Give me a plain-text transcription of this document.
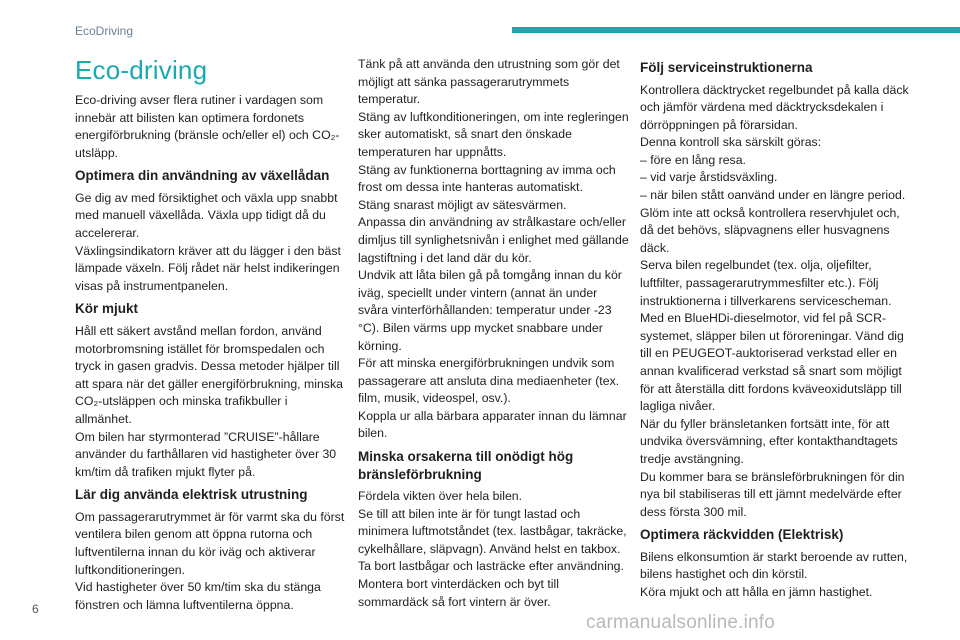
EcoDriving
Eco-driving

Eco-driving avser flera rutiner i vardagen som innebär att bilisten kan optimera fordonets energiförbrukning (bränsle och/eller el) och CO₂-utsläpp.

Optimera din användning av växellådan

Ge dig av med försiktighet och växla upp snabbt med manuell växellåda. Växla upp tidigt då du accelererar.

Växlingsindikatorn kräver att du lägger i den bäst lämpade växeln. Följ rådet när helst indikeringen visas på instrumentpanelen.

Kör mjukt

Håll ett säkert avstånd mellan fordon, använd motorbromsning istället för bromspedalen och tryck in gasen gradvis. Dessa metoder hjälper till att spara när det gäller energiförbrukning, minska CO₂-utsläppen och minska trafikbuller i allmänhet.

Om bilen har styrmonterad ”CRUISE”-hållare använder du farthållaren vid hastigheter över 30 km/tim då trafiken mjukt flyter på.

Lär dig använda elektrisk utrustning

Om passagerarutrymmet är för varmt ska du först ventilera bilen genom att öppna rutorna och luftventilerna innan du kör iväg och aktiverar luftkonditioneringen.

Vid hastigheter över 50 km/tim ska du stänga fönstren och lämna luftventilerna öppna.

Tänk på att använda den utrustning som gör det möjligt att sänka passagerarutrymmets temperatur.

Stäng av luftkonditioneringen, om inte regleringen sker automatiskt, så snart den önskade temperaturen har uppnåtts.

Stäng av funktionerna borttagning av imma och frost om dessa inte hanteras automatiskt.

Stäng snarast möjligt av sätesvärmen.

Anpassa din användning av strålkastare och/eller dimljus till synlighetsnivån i enlighet med gällande lagstiftning i det land där du kör.

Undvik att låta bilen gå på tomgång innan du kör iväg, speciellt under vintern (annat än under svåra vinterförhållanden: temperatur under -23 °C). Bilen värms upp mycket snabbare under körning.

För att minska energiförbrukningen undvik som passagerare att ansluta dina mediaenheter (tex. film, musik, videospel, osv.).

Koppla ur alla bärbara apparater innan du lämnar bilen.

Minska orsakerna till onödigt hög bränsleförbrukning

Fördela vikten över hela bilen.

Se till att bilen inte är för tungt lastad och minimera luftmotståndet (tex. lastbågar, takräcke, cykelhållare, släpvagn). Använd helst en takbox.

Ta bort lastbågar och lasträcke efter användning.

Montera bort vinterdäcken och byt till sommardäck så fort vintern är över.

Följ serviceinstruktionerna

Kontrollera däcktrycket regelbundet på kalla däck och jämför värdena med däcktrycksdekalen i dörröppningen på förarsidan.

Denna kontroll ska särskilt göras:

– före en lång resa.

– vid varje årstidsväxling.

– när bilen stått oanvänd under en längre period.

Glöm inte att också kontrollera reservhjulet och, då det behövs, släpvagnens eller husvagnens däck.

Serva bilen regelbundet (tex. olja, oljefilter, luftfilter, passagerarutrymmesfilter etc.). Följ instruktionerna i tillverkarens servicescheman.

Med en BlueHDi-dieselmotor, vid fel på SCR-systemet, släpper bilen ut föroreningar. Vänd dig till en PEUGEOT-auktoriserad verkstad eller en annan kvalificerad verkstad så snart som möjligt för att återställa ditt fordons kväveoxidutsläpp till lagliga nivåer.

När du fyller bränsletanken fortsätt inte, för att undvika översvämning, efter kontakthandtagets tredje avstängning.

Du kommer bara se bränsleförbrukningen för din nya bil stabiliseras till ett jämnt medelvärde efter dess första 300 mil.

Optimera räckvidden (Elektrisk)

Bilens elkonsumtion är starkt beroende av rutten, bilens hastighet och din körstil.

Köra mjukt och att hålla en jämn hastighet.

6
carmanualsonline.info
